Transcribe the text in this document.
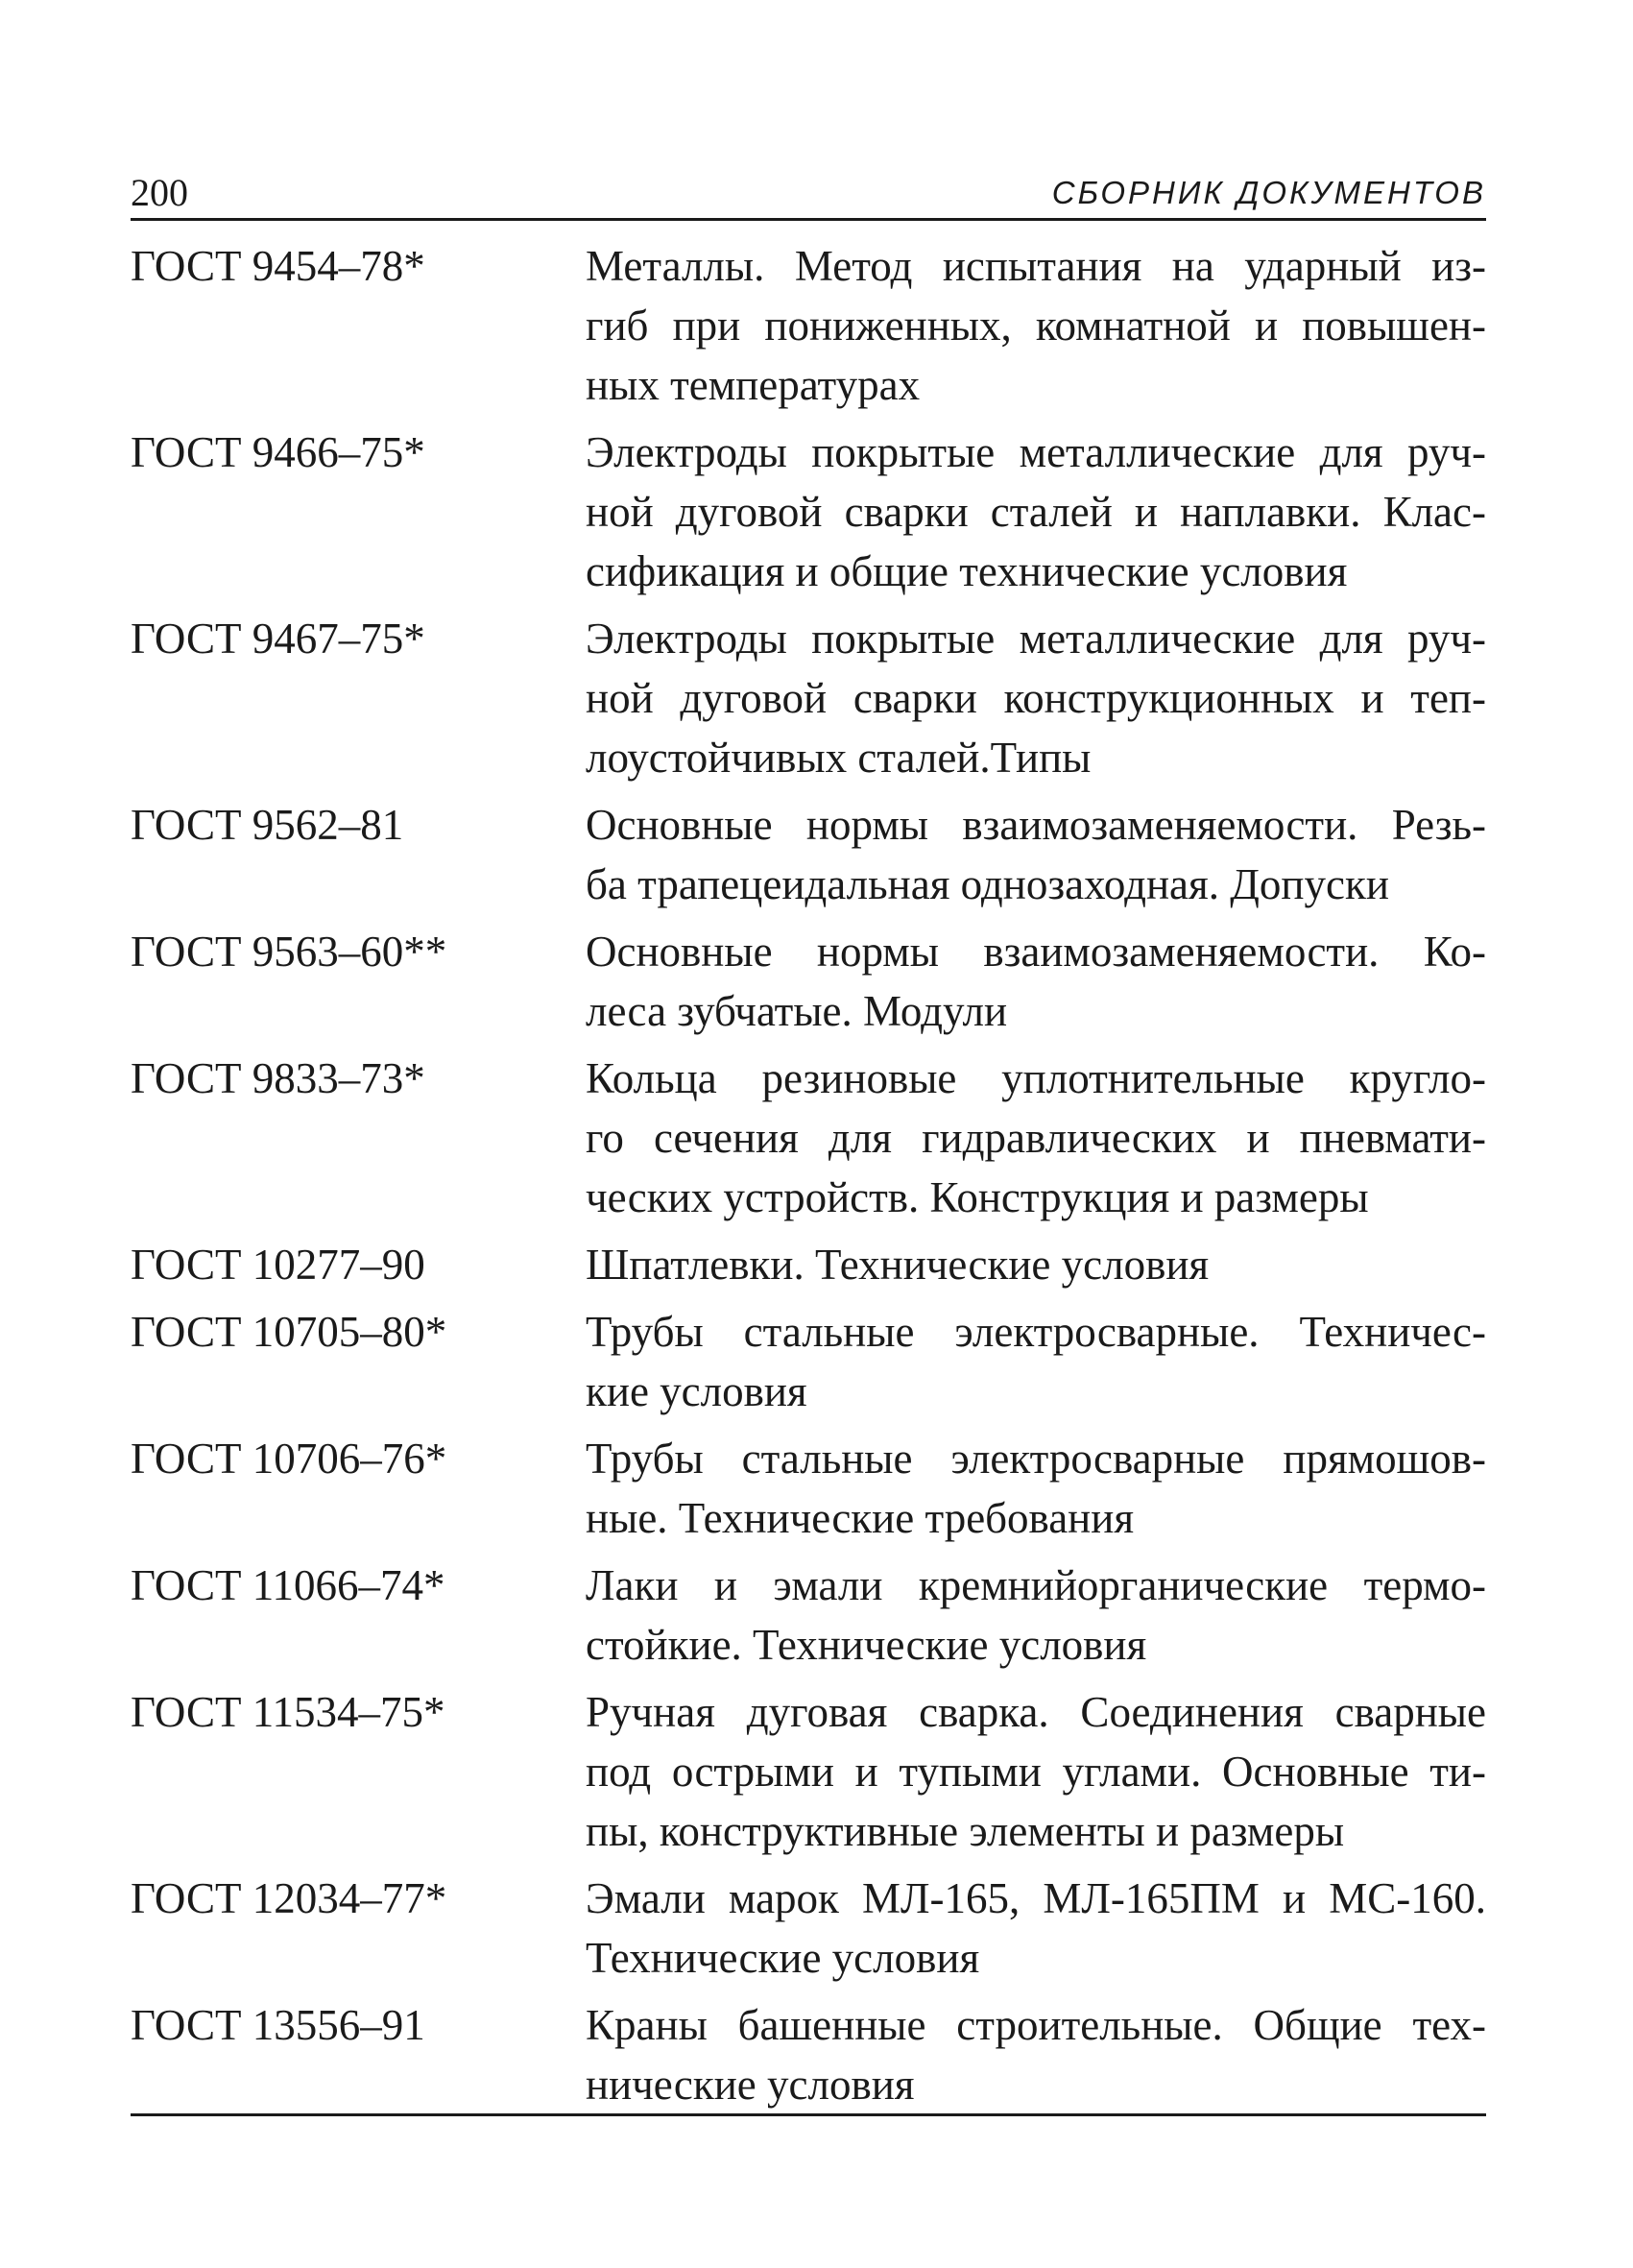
200	СБОРНИК ДОКУМЕНТОВ
ГОСТ 9454–78*	Металлы. Метод испытания на ударный из-
гиб при пониженных, комнатной и повышен-
ных температурах
ГОСТ 9466–75*	Электроды покрытые металлические для руч-
ной дуговой сварки сталей и наплавки. Клас-
сификация и общие технические условия
ГОСТ 9467–75*	Электроды покрытые металлические для руч-
ной дуговой сварки конструкционных и теп-
лоустойчивых сталей.Типы
ГОСТ 9562–81	Основные нормы взаимозаменяемости. Резь-
ба трапецеидальная однозаходная. Допуски
ГОСТ 9563–60**	Основные нормы взаимозаменяемости. Ко-
леса зубчатые. Модули
ГОСТ 9833–73*	Кольца резиновые уплотнительные кругло-
го сечения для гидравлических и пневмати-
ческих устройств. Конструкция и размеры
ГОСТ 10277–90	Шпатлевки. Технические условия
ГОСТ 10705–80*	Трубы стальные электросварные. Техничес-
кие условия
ГОСТ 10706–76*	Трубы стальные электросварные прямошов-
ные. Технические требования
ГОСТ 11066–74*	Лаки и эмали кремнийорганические термо-
стойкие. Технические условия
ГОСТ 11534–75*	Ручная дуговая сварка. Соединения сварные
под острыми и тупыми углами. Основные ти-
пы, конструктивные элементы и размеры
ГОСТ 12034–77*	Эмали марок МЛ-165, МЛ-165ПМ и МС-160.
Технические условия
ГОСТ 13556–91	Краны башенные строительные. Общие тех-
нические условия
